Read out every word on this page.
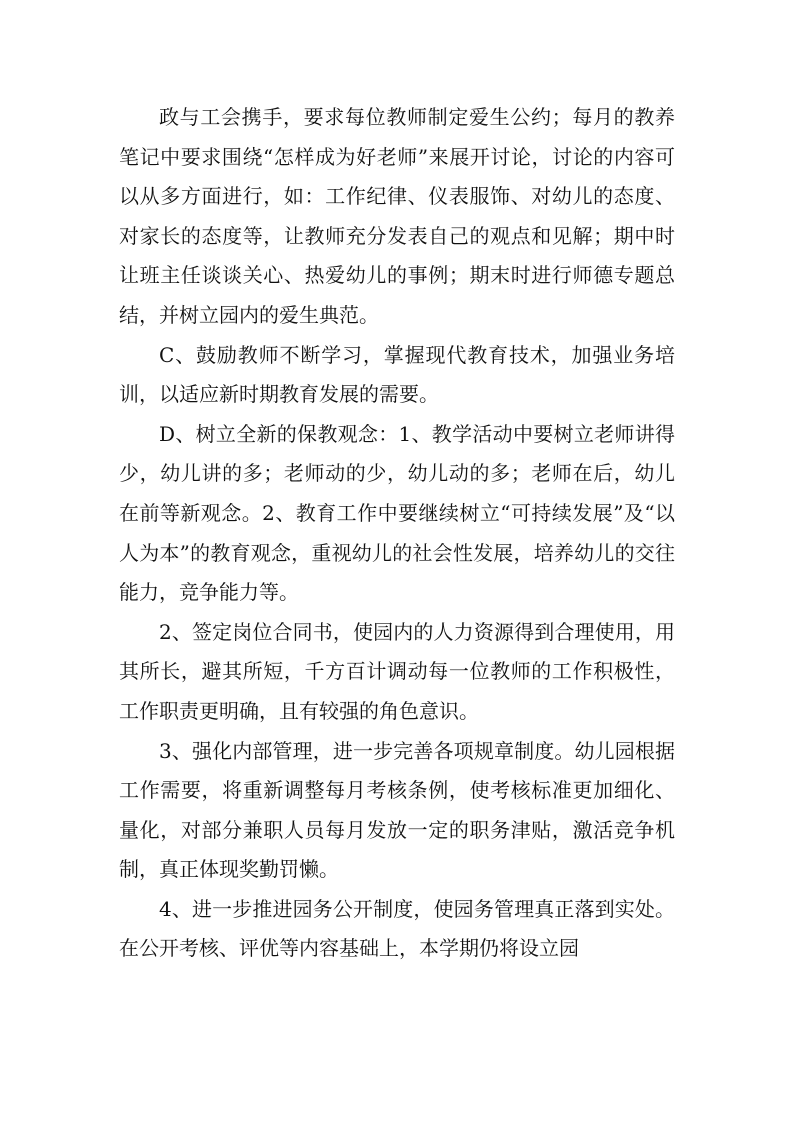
政与工会携手，要求每位教师制定爱生公约；每月的教养笔记中要求围绕“怎样成为好老师”来展开讨论，讨论的内容可以从多方面进行，如：工作纪律、仪表服饰、对幼儿的态度、对家长的态度等，让教师充分发表自己的观点和见解；期中时让班主任谈谈关心、热爱幼儿的事例；期末时进行师德专题总结，并树立园内的爱生典范。

C、鼓励教师不断学习，掌握现代教育技术，加强业务培训，以适应新时期教育发展的需要。

D、树立全新的保教观念：1、教学活动中要树立老师讲得少，幼儿讲的多；老师动的少，幼儿动的多；老师在后，幼儿在前等新观念。2、教育工作中要继续树立“可持续发展”及“以人为本”的教育观念，重视幼儿的社会性发展，培养幼儿的交往能力，竞争能力等。

2、签定岗位合同书，使园内的人力资源得到合理使用，用其所长，避其所短，千方百计调动每一位教师的工作积极性，工作职责更明确，且有较强的角色意识。

3、强化内部管理，进一步完善各项规章制度。幼儿园根据工作需要，将重新调整每月考核条例，使考核标准更加细化、量化，对部分兼职人员每月发放一定的职务津贴，激活竞争机制，真正体现奖勤罚懒。

4、进一步推进园务公开制度，使园务管理真正落到实处。在公开考核、评优等内容基础上，本学期仍将设立园
